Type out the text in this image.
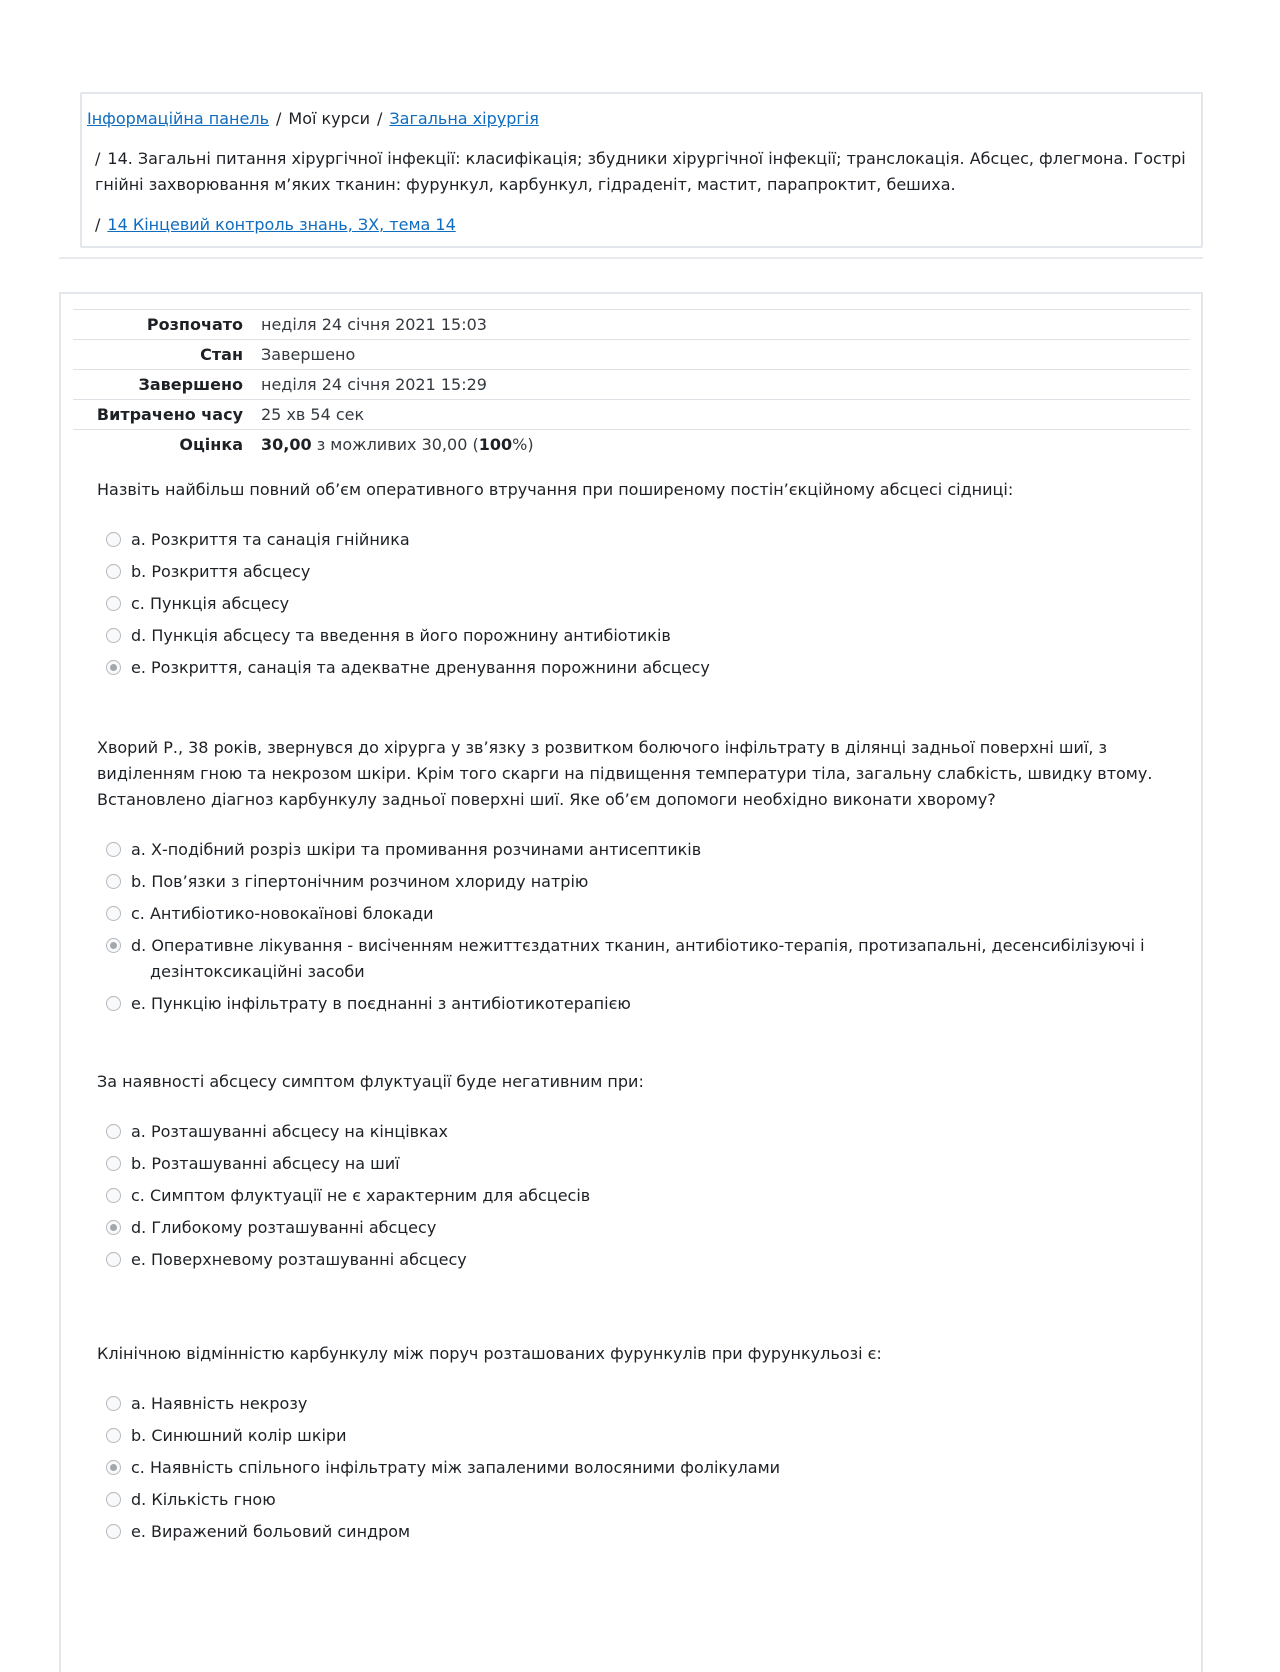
Інформаційна панель / Мої курси / Загальна хірургія
/ 14. Загальні питання хірургічної інфекції: класифікація; збудники хірургічної інфекції; транслокація. Абсцес, флегмона. Гострі гнійні захворювання м’яких тканин: фурункул, карбункул, гідраденіт, мастит, парапроктит, бешиха.
/ 14 Кінцевий контроль знань, ЗХ, тема 14
Розпочато неділя 24 січня 2021 15:03
Стан Завершено
Завершено неділя 24 січня 2021 15:29
Витрачено часу 25 хв 54 сек
Оцінка 30,00 з можливих 30,00 (100%)
Назвіть найбільш повний об’єм оперативного втручання при поширеному постін’єкційному абсцесі сідниці:
a. Розкриття та санація гнійника
b. Розкриття абсцесу
c. Пункція абсцесу
d. Пункція абсцесу та введення в його порожнину антибіотиків
e. Розкриття, санація та адекватне дренування порожнини абсцесу
Хворий Р., 38 років, звернувся до хірурга у зв’язку з розвитком болючого інфільтрату в ділянці задньої поверхні шиї, з виділенням гною та некрозом шкіри. Крім того скарги на підвищення температури тіла, загальну слабкість, швидку втому. Встановлено діагноз карбункулу задньої поверхні шиї. Яке об’єм допомоги необхідно виконати хворому?
a. Х-подібний розріз шкіри та промивання розчинами антисептиків
b. Пов’язки з гіпертонічним розчином хлориду натрію
c. Антибіотико-новокаїнові блокади
d. Оперативне лікування - висіченням нежиттєздатних тканин, антибіотико-терапія, протизапальні, десенсибілізуючі і дезінтоксикаційні засоби
e. Пункцію інфільтрату в поєднанні з антибіотикотерапією
За наявності абсцесу симптом флуктуації буде негативним при:
a. Розташуванні абсцесу на кінцівках
b. Розташуванні абсцесу на шиї
c. Симптом флуктуації не є характерним для абсцесів
d. Глибокому розташуванні абсцесу
e. Поверхневому розташуванні абсцесу
Клінічною відмінністю карбункулу між поруч розташованих фурункулів при фурункульозі є:
a. Наявність некрозу
b. Синюшний колір шкіри
c. Наявність спільного інфільтрату між запаленими волосяними фолікулами
d. Кількість гною
e. Виражений больовий синдром
